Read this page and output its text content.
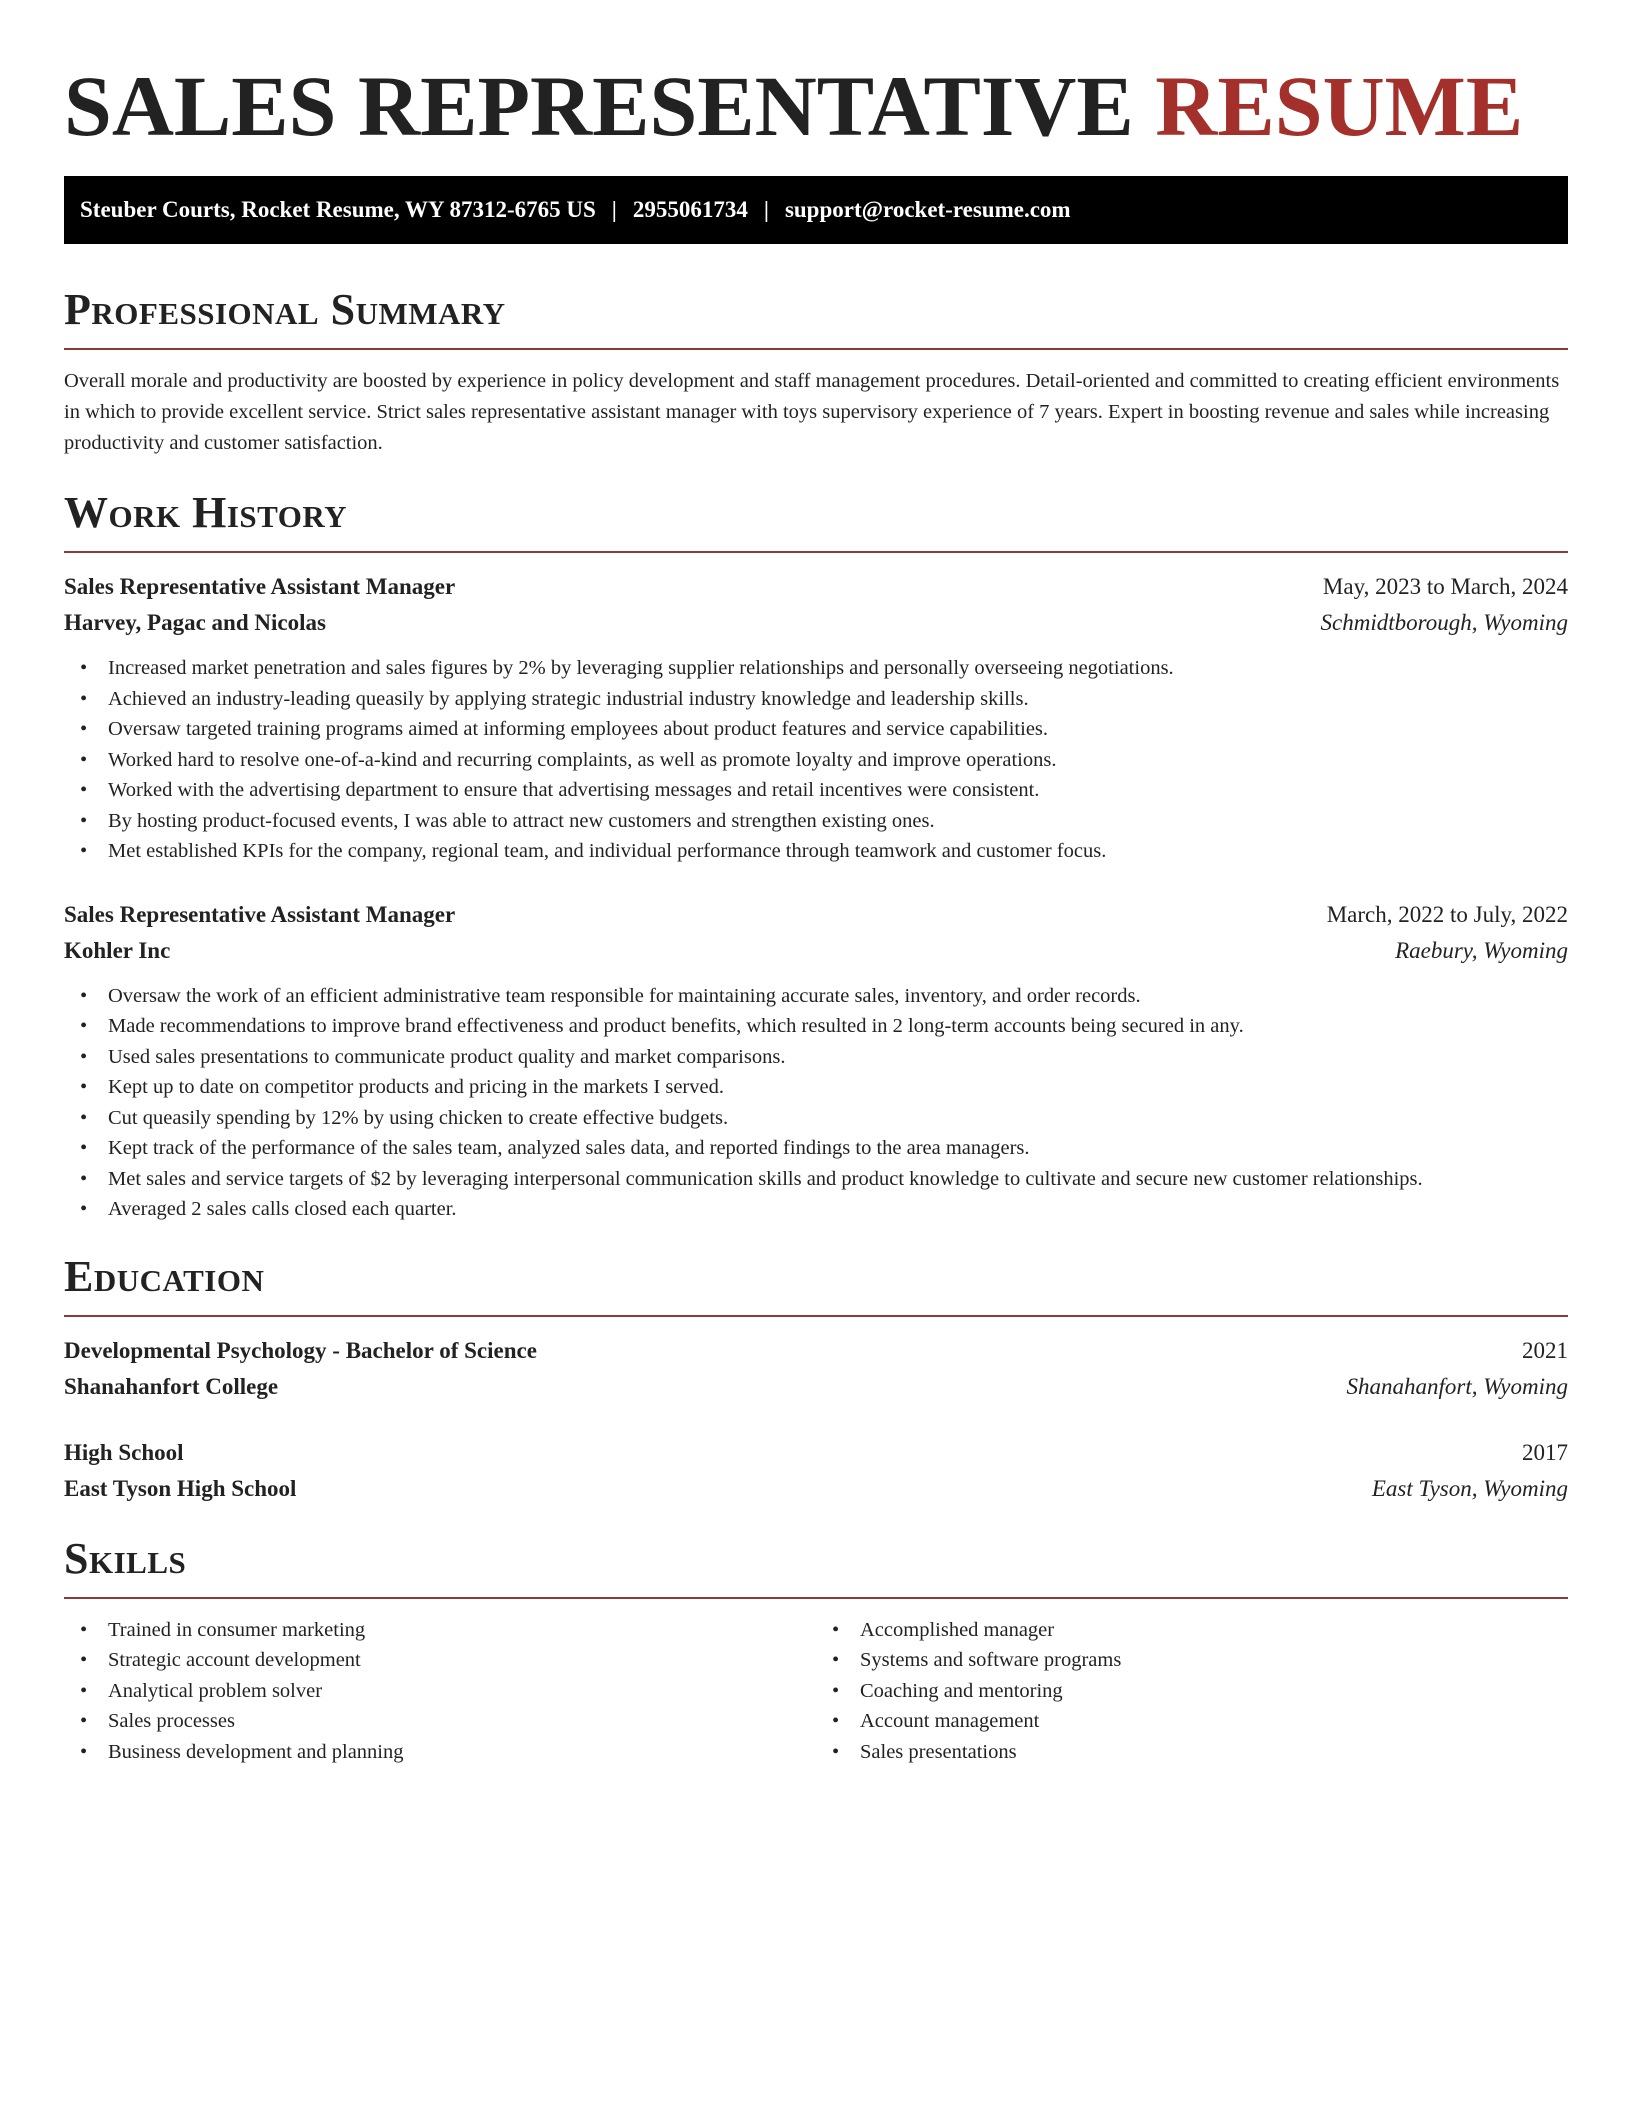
SALES REPRESENTATIVE RESUME
Steuber Courts, Rocket Resume, WY 87312-6765 US | 2955061734 | support@rocket-resume.com
Professional Summary

Overall morale and productivity are boosted by experience in policy development and staff management procedures. Detail-oriented and committed to creating efficient environments in which to provide excellent service. Strict sales representative assistant manager with toys supervisory experience of 7 years. Expert in boosting revenue and sales while increasing productivity and customer satisfaction.

Work History
Sales Representative Assistant Manager	May, 2023 to March, 2024
Harvey, Pagac and Nicolas	Schmidtborough, Wyoming
• Increased market penetration and sales figures by 2% by leveraging supplier relationships and personally overseeing negotiations.
• Achieved an industry-leading queasily by applying strategic industrial industry knowledge and leadership skills.
• Oversaw targeted training programs aimed at informing employees about product features and service capabilities.
• Worked hard to resolve one-of-a-kind and recurring complaints, as well as promote loyalty and improve operations.
• Worked with the advertising department to ensure that advertising messages and retail incentives were consistent.
• By hosting product-focused events, I was able to attract new customers and strengthen existing ones.
• Met established KPIs for the company, regional team, and individual performance through teamwork and customer focus.
Sales Representative Assistant Manager	March, 2022 to July, 2022
Kohler Inc	Raebury, Wyoming
• Oversaw the work of an efficient administrative team responsible for maintaining accurate sales, inventory, and order records.
• Made recommendations to improve brand effectiveness and product benefits, which resulted in 2 long-term accounts being secured in any.
• Used sales presentations to communicate product quality and market comparisons.
• Kept up to date on competitor products and pricing in the markets I served.
• Cut queasily spending by 12% by using chicken to create effective budgets.
• Kept track of the performance of the sales team, analyzed sales data, and reported findings to the area managers.
• Met sales and service targets of $2 by leveraging interpersonal communication skills and product knowledge to cultivate and secure new customer relationships.
• Averaged 2 sales calls closed each quarter.
Education
Developmental Psychology - Bachelor of Science	2021
Shanahanfort College	Shanahanfort, Wyoming
High School	2017
East Tyson High School	East Tyson, Wyoming
Skills
• Trained in consumer marketing
• Strategic account development
• Analytical problem solver
• Sales processes
• Business development and planning
• Accomplished manager
• Systems and software programs
• Coaching and mentoring
• Account management
• Sales presentations
